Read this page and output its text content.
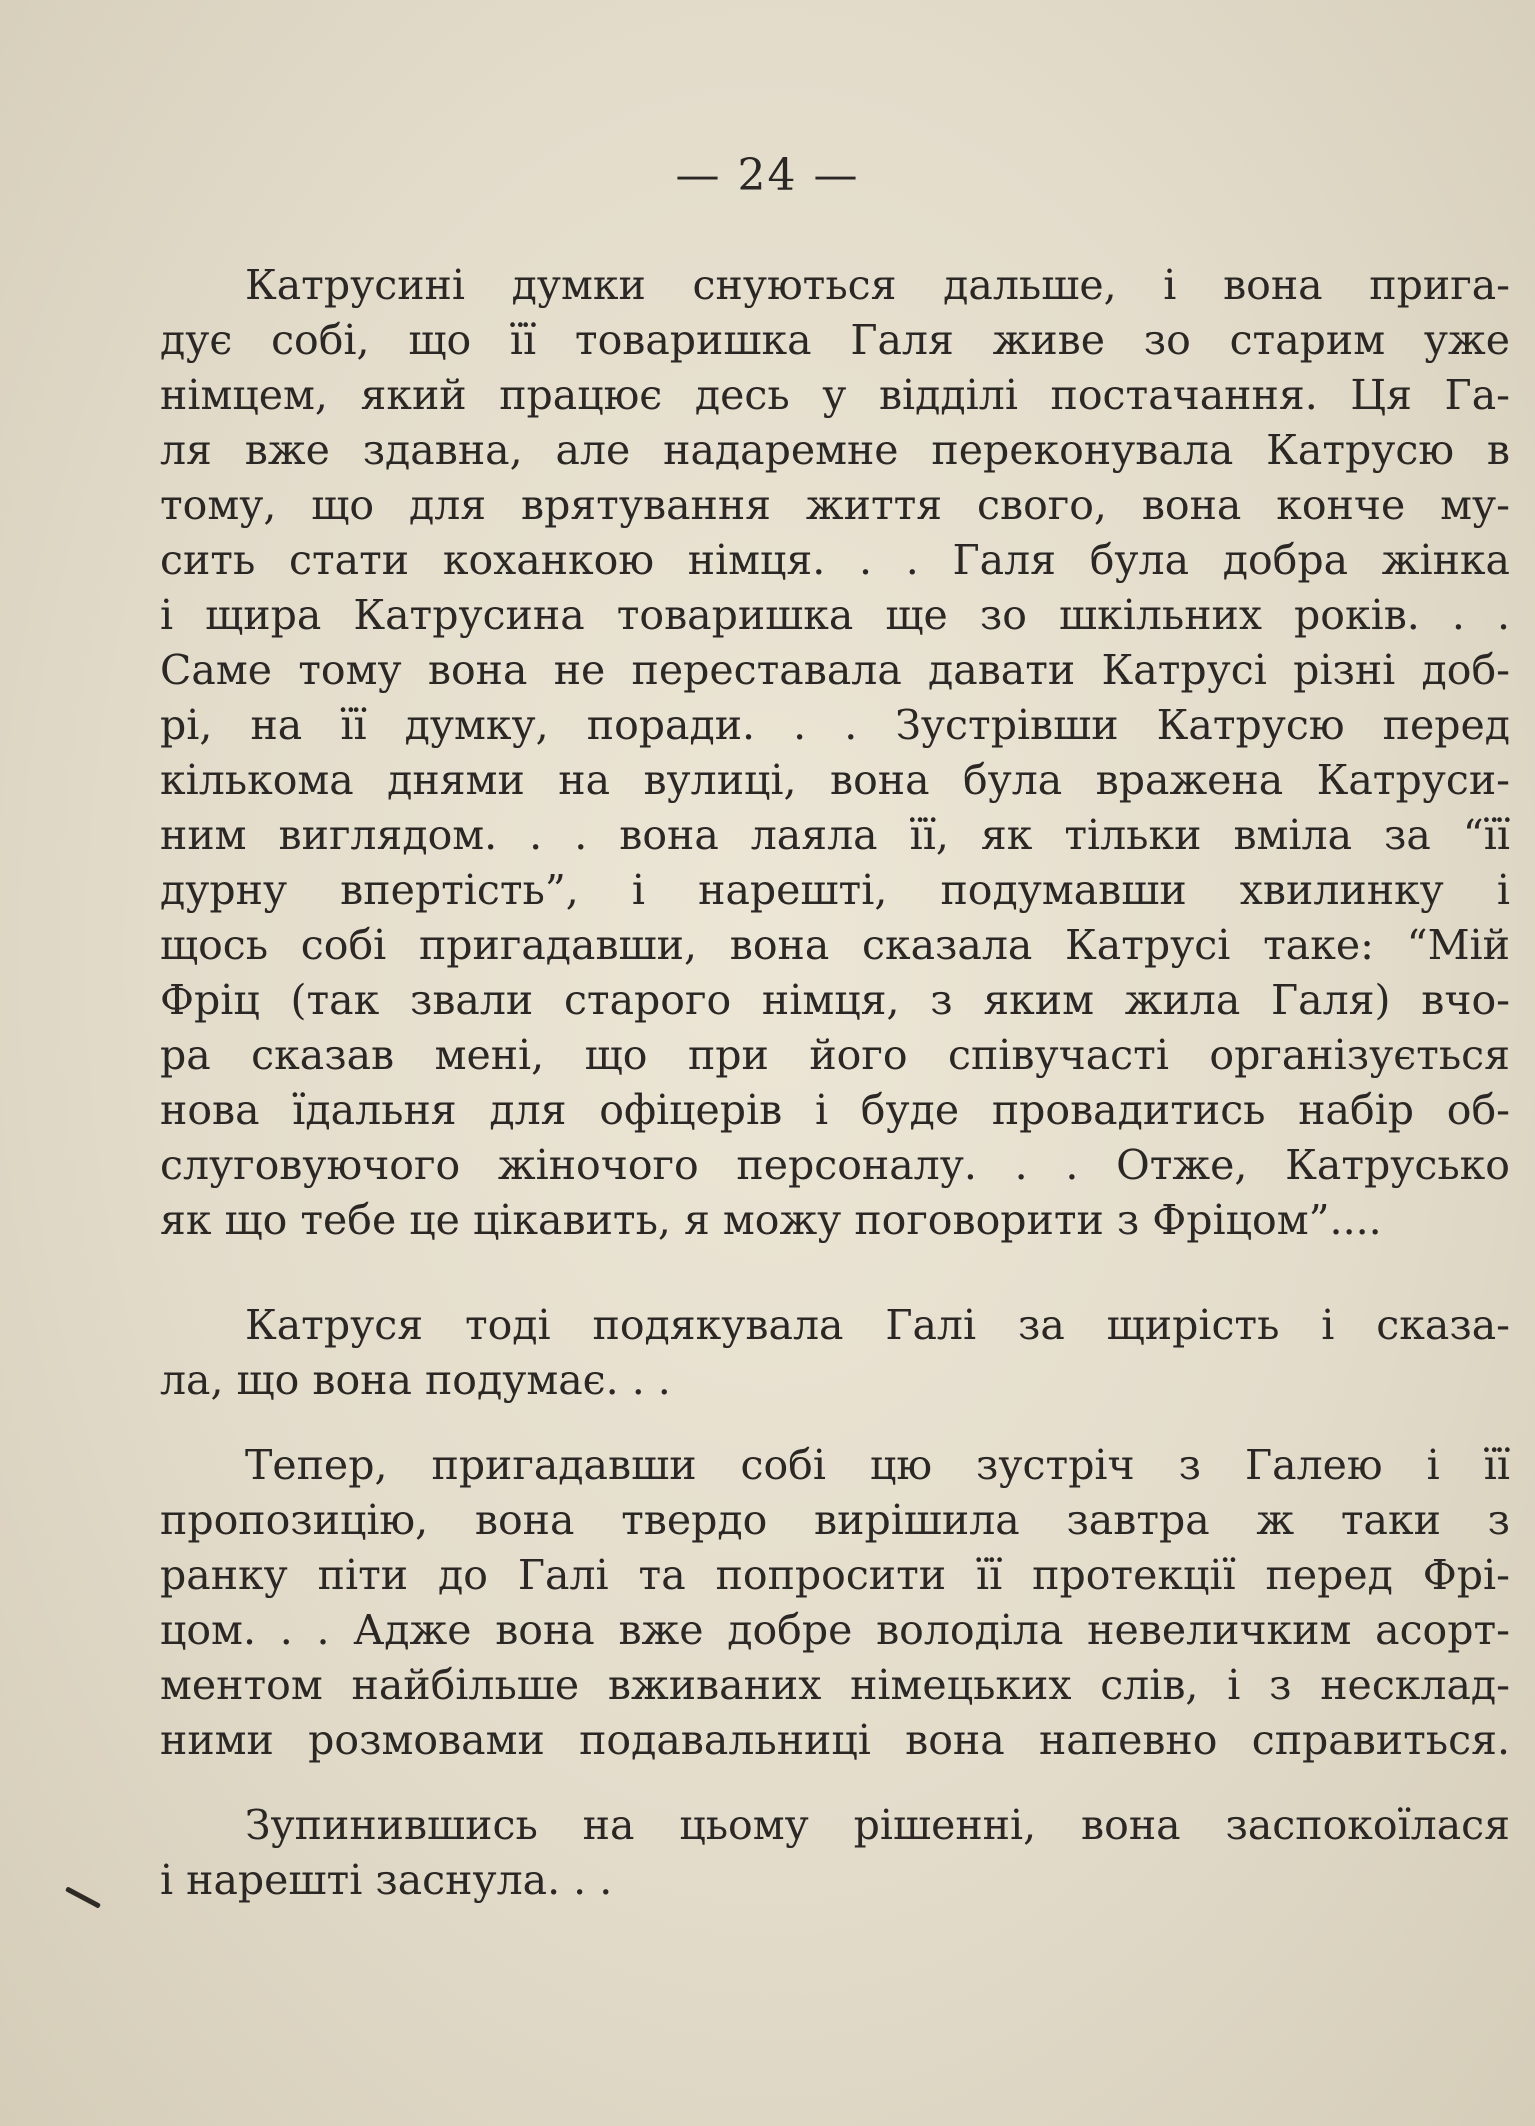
— 24 —
Катрусині думки снуються дальше, і вона прига-
дує собі, що її товаришка Галя живе зо старим уже
німцем, який працює десь у відділі постачання. Ця Га-
ля вже здавна, але надаремне переконувала Катрусю в
тому, що для врятування життя свого, вона конче му-
сить стати коханкою німця. . . Галя була добра жінка
і щира Катрусина товаришка ще зо шкільних років. . .
Саме тому вона не переставала давати Катрусі різні доб-
рі, на її думку, поради. . . Зустрівши Катрусю перед
кількома днями на вулиці, вона була вражена Катруси-
ним виглядом. . . вона лаяла її, як тільки вміла за “її
дурну впертість”, і нарешті, подумавши хвилинку і
щось собі пригадавши, вона сказала Катрусі таке: “Мій
Фріц (так звали старого німця, з яким жила Галя) вчо-
ра сказав мені, що при його співучасті організується
нова їдальня для офіцерів і буде провадитись набір об-
слуговуючого жіночого персоналу. . . Отже, Катрусько
як що тебе це цікавить, я можу поговорити з Фріцом”....
Катруся тоді подякувала Галі за щирість і сказа-
ла, що вона подумає. . .
Тепер, пригадавши собі цю зустріч з Галею і її
пропозицію, вона твердо вирішила завтра ж таки з
ранку піти до Галі та попросити її протекції перед Фрі-
цом. . . Адже вона вже добре володіла невеличким асорт-
ментом найбільше вживаних німецьких слів, і з несклад-
ними розмовами подавальниці вона напевно справиться.
Зупинившись на цьому рішенні, вона заспокоїлася
і нарешті заснула. . .
